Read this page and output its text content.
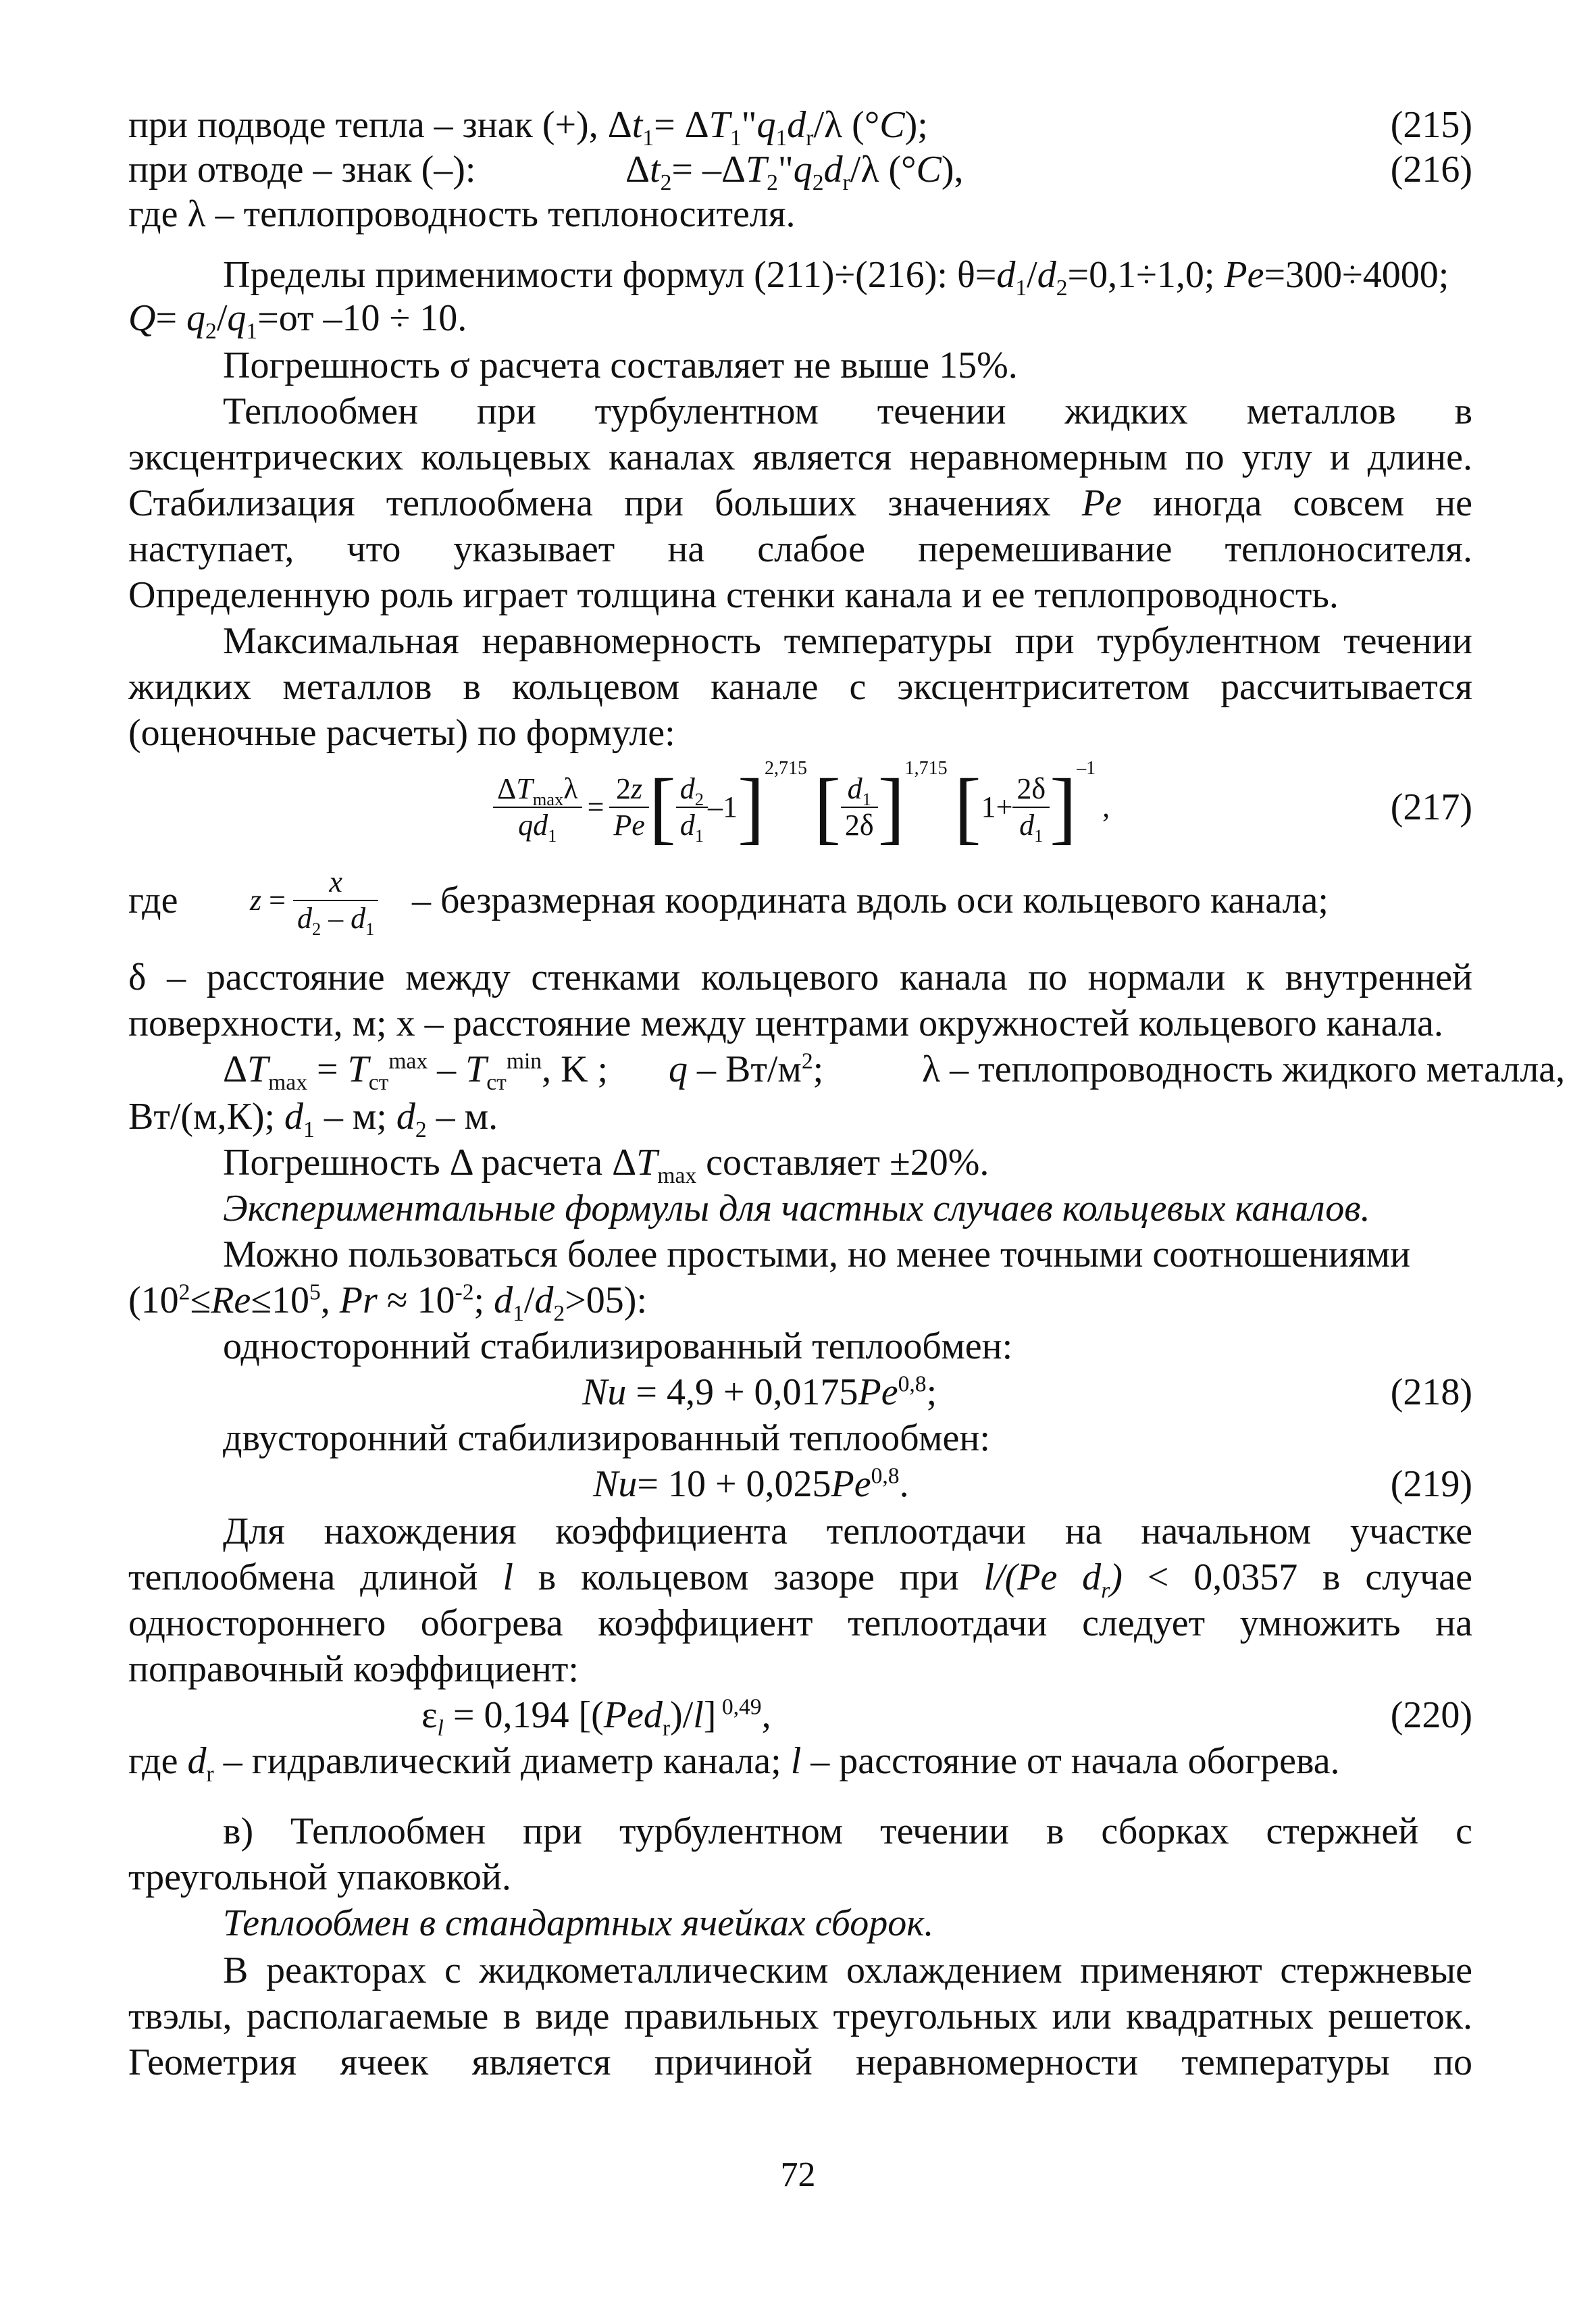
при подводе тепла – знак (+), $\Delta t_1=$ $\Delta T_1"q_1d_r/\lambda$ (°C);	(215)
при отводе – знак (–):	$\Delta t_2=$ $-\Delta T_2"q_2d_r/\lambda$ (°C),	(216)
где λ – теплопроводность теплоносителя.
Пределы применимости формул (211)÷(216): $\theta=d_1/d_2=0,1\div 1,0$; Pe=300÷4000;
$Q= q_2/q_1=от$ –10 ÷ 10.
Погрешность σ расчета составляет не выше 15%.
Теплообмен при турбулентном течении жидких металлов в
эксцентрических кольцевых каналах является неравномерным по углу и длине.
Стабилизация теплообмена при больших значениях Pe иногда совсем не
наступает, что указывает на слабое перемешивание теплоносителя.
Определенную роль играет толщина стенки канала и ее теплопроводность.
Максимальная неравномерность температуры при турбулентном течении
жидких металлов в кольцевом канале с эксцентриситетом рассчитывается
(оценочные расчеты) по формуле:
$\frac{\Delta T_{max}\lambda}{qd_1} = \frac{2z}{Pe}$ [ $\frac{d_2}{d_1} -1$ ] 2,715 [ $\frac{d_1}{2\delta}$ ] 1,715 [ $1+ \frac{2\delta}{d_1}$ ] –1
,	(217)
где $z = \frac{x}{d_2 - d_1}$ – безразмерная координата вдоль оси кольцевого канала;
δ – расстояние между стенками кольцевого канала по нормали к внутренней
поверхности, м; х – расстояние между центрами окружностей кольцевого канала.
$\Delta T_{max} = T_{ст}^{max} - T_{ст}^{min}$, K ; q – $Вт/м^2$;	λ – теплопроводность жидкого металла,
Вт/(м,К); $d_1$ – м; $d_2$ – м.
Погрешность Δ расчета $\Delta T_{max}$ составляет ±20%.
Экспериментальные формулы для частных случаев кольцевых каналов.
Можно пользоваться более простыми, но менее точными соотношениями
($10^2\le Re\le 10^5$, $Pr \approx 10^{-2}$; $d_1/d_2>05$):
односторонний стабилизированный теплообмен:
Nu = 4,9 + 0,0175Pe$^{0,8}$;	(218)
двусторонний стабилизированный теплообмен:
Nu= 10 + 0,025Pe$^{0,8}$.	(219)
Для нахождения коэффициента теплоотдачи на начальном участке
теплообмена длиной l в кольцевом зазоре при l/(Pe $d_r) < 0,0357$ в случае
одностороннего обогрева коэффициент теплоотдачи следует умножить на
поправочный коэффициент:
$\varepsilon_l = 0,194$ [(Ped$_r$)/l] $^{0,49}$,	(220)
где $d_r$ – гидравлический диаметр канала; l – расстояние от начала обогрева.
в) Теплообмен при турбулентном течении в сборках стержней с
треугольной упаковкой.
Теплообмен в стандартных ячейках сборок.
В реакторах с жидкометаллическим охлаждением применяют стержневые
твэлы, располагаемые в виде правильных треугольных или квадратных решеток.
Геометрия ячеек является причиной неравномерности температуры по
72
